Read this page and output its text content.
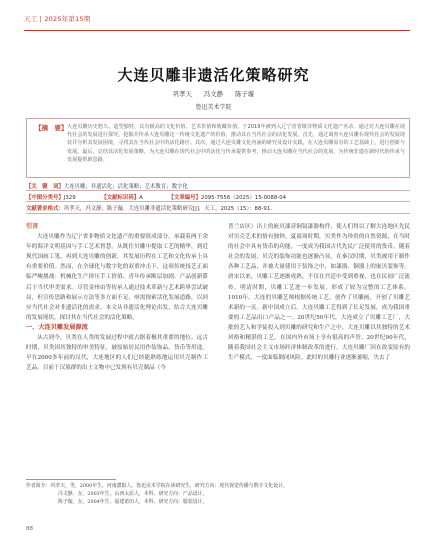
天工 | 2025年第15期
大连贝雕非遗活化策略研究
巩孝天 冯文静 陈子璇
鲁迅美术学院
【摘　要】 大连贝雕历史悠久、造型独特，具有极高的文化价值、艺术价值和收藏价值。于2019年被列入辽宁省省级非物质文化遗产名录。通过对大连贝雕在现代社会的发展进行探究，挖掘并传承大连贝雕这一传统文化遗产的价值，推动其在当代社会的活化发展。首先，通过调查大连贝雕在现代社会的发展现状并分析其发展困境，寻找其在当代社会中的活化路径。其次，通过大连贝雕文化内涵的研究及设计实践，在大连贝雕原有的工艺基础上，进行创新与发展。最后，总结其活化发展策略，为大连贝雕在现代社会中的活化与传承提供参考，推动大连贝雕在当代社会的发展，为传统非遗在新时代的传承与发展提供新思路。
【关　键　词】大连贝雕；非遗活化；活化策略；艺术教育；数字化
【中图分类号】J329	【文献标识码】A	【文章编号】2095-7556（2025）15-0088-04
文献著录格式：巩孝天，冯文静，陈子璇．大连贝雕非遗活化策略研究[J]．天工，2025（15）：88-91.
引言

大连贝雕作为辽宁省非物质文化遗产的重要组成部分，承载着两千余年的海洋文明基因与手工艺术智慧。从既往贝雕中提取工艺的精华，到近现代国画工笔，再到大连贝雕的创新，其发展历程在工艺和文化传承上具有重要价值。然而，在全球化与数字化的双重冲击下，这项传统技艺正面临严峻挑战：机械化生产挤压手工价值、青年传承断层加剧，产品创新滞后于当代审美需求。尽管金州由等传承人通过技术革新与艺术跨界尝试破局，但宣传思路和展示方法等多方面不足，亟需探索活化发展道路，以回应当代社会对非遗活化的需求。本文从非遗活化理论出发，结合大连贝雕的发展现状，探讨其在当代社会的活化策略。

一、大连贝雕发展源流

从古到今，贝类在人类的发展过程中就占据着极其重要的地位。远古时期，贝类因其独特的审美特征，被原始居民用作装饰品、货币等用途。早在2000多年前的汉代，大连地区的人们已经能熟练地运用贝壳制作工艺品。目前于汉墓群的出土文物中已发现有贝壳制品（今

普兰店区）出土的嵌贝漆奁铜镜漆器构件，使人们得以了解大连地区先民对贝壳艺术的情有独钟。夏商周时期，贝类作为珍贵的自然资源，在当时的社会中具有货币的功能，一度成为我国古代先民广泛使用的货币。随着社会的发展，贝壳的装饰功能也逐渐凸显。在秦汉时期，贝类被用于制作各种工艺品，并被大量使用于装饰之中，如漆器、铜器上的嵌贝装饰等。唐宋以来，贝雕工艺逐渐成熟，不仅在宫廷中受到重视，也在民间广泛流传。明清时期，贝雕工艺进一步发展，形成了较为完整的工艺体系。1910年，大连的贝雕艺师根据传统工艺，创作了贝雕画，开创了贝雕艺术新的一页。新中国成立后，大连贝雕工艺得到了长足发展，成为我国重要的工艺品出口产品之一。20世纪50年代，大连成立了贝雕工艺厂，大批的艺人和学徒投入到贝雕的研究和生产之中。大连贝雕以其独特的艺术风格和精湛的工艺，在国内外市场上享有很高的声誉。20世纪90年代，随着我国社会主义市场经济体制改革的进行，大连贝雕厂因在改变原有的生产模式，一度面临倒闭风险。此时的贝雕行业逐渐萎缩，失去了

作者简介：巩孝天，男，2000年生，河南濮阳人，鲁迅美术学院在读研究生，研究方向：现代视觉传播与数字文化设计。
冯文静，女，2003年生，山西太原人，本科，研究方向：产品设计。
陈子璇，女，2004年生，福建莆田人，本科，研究方向：服装设计。
88
